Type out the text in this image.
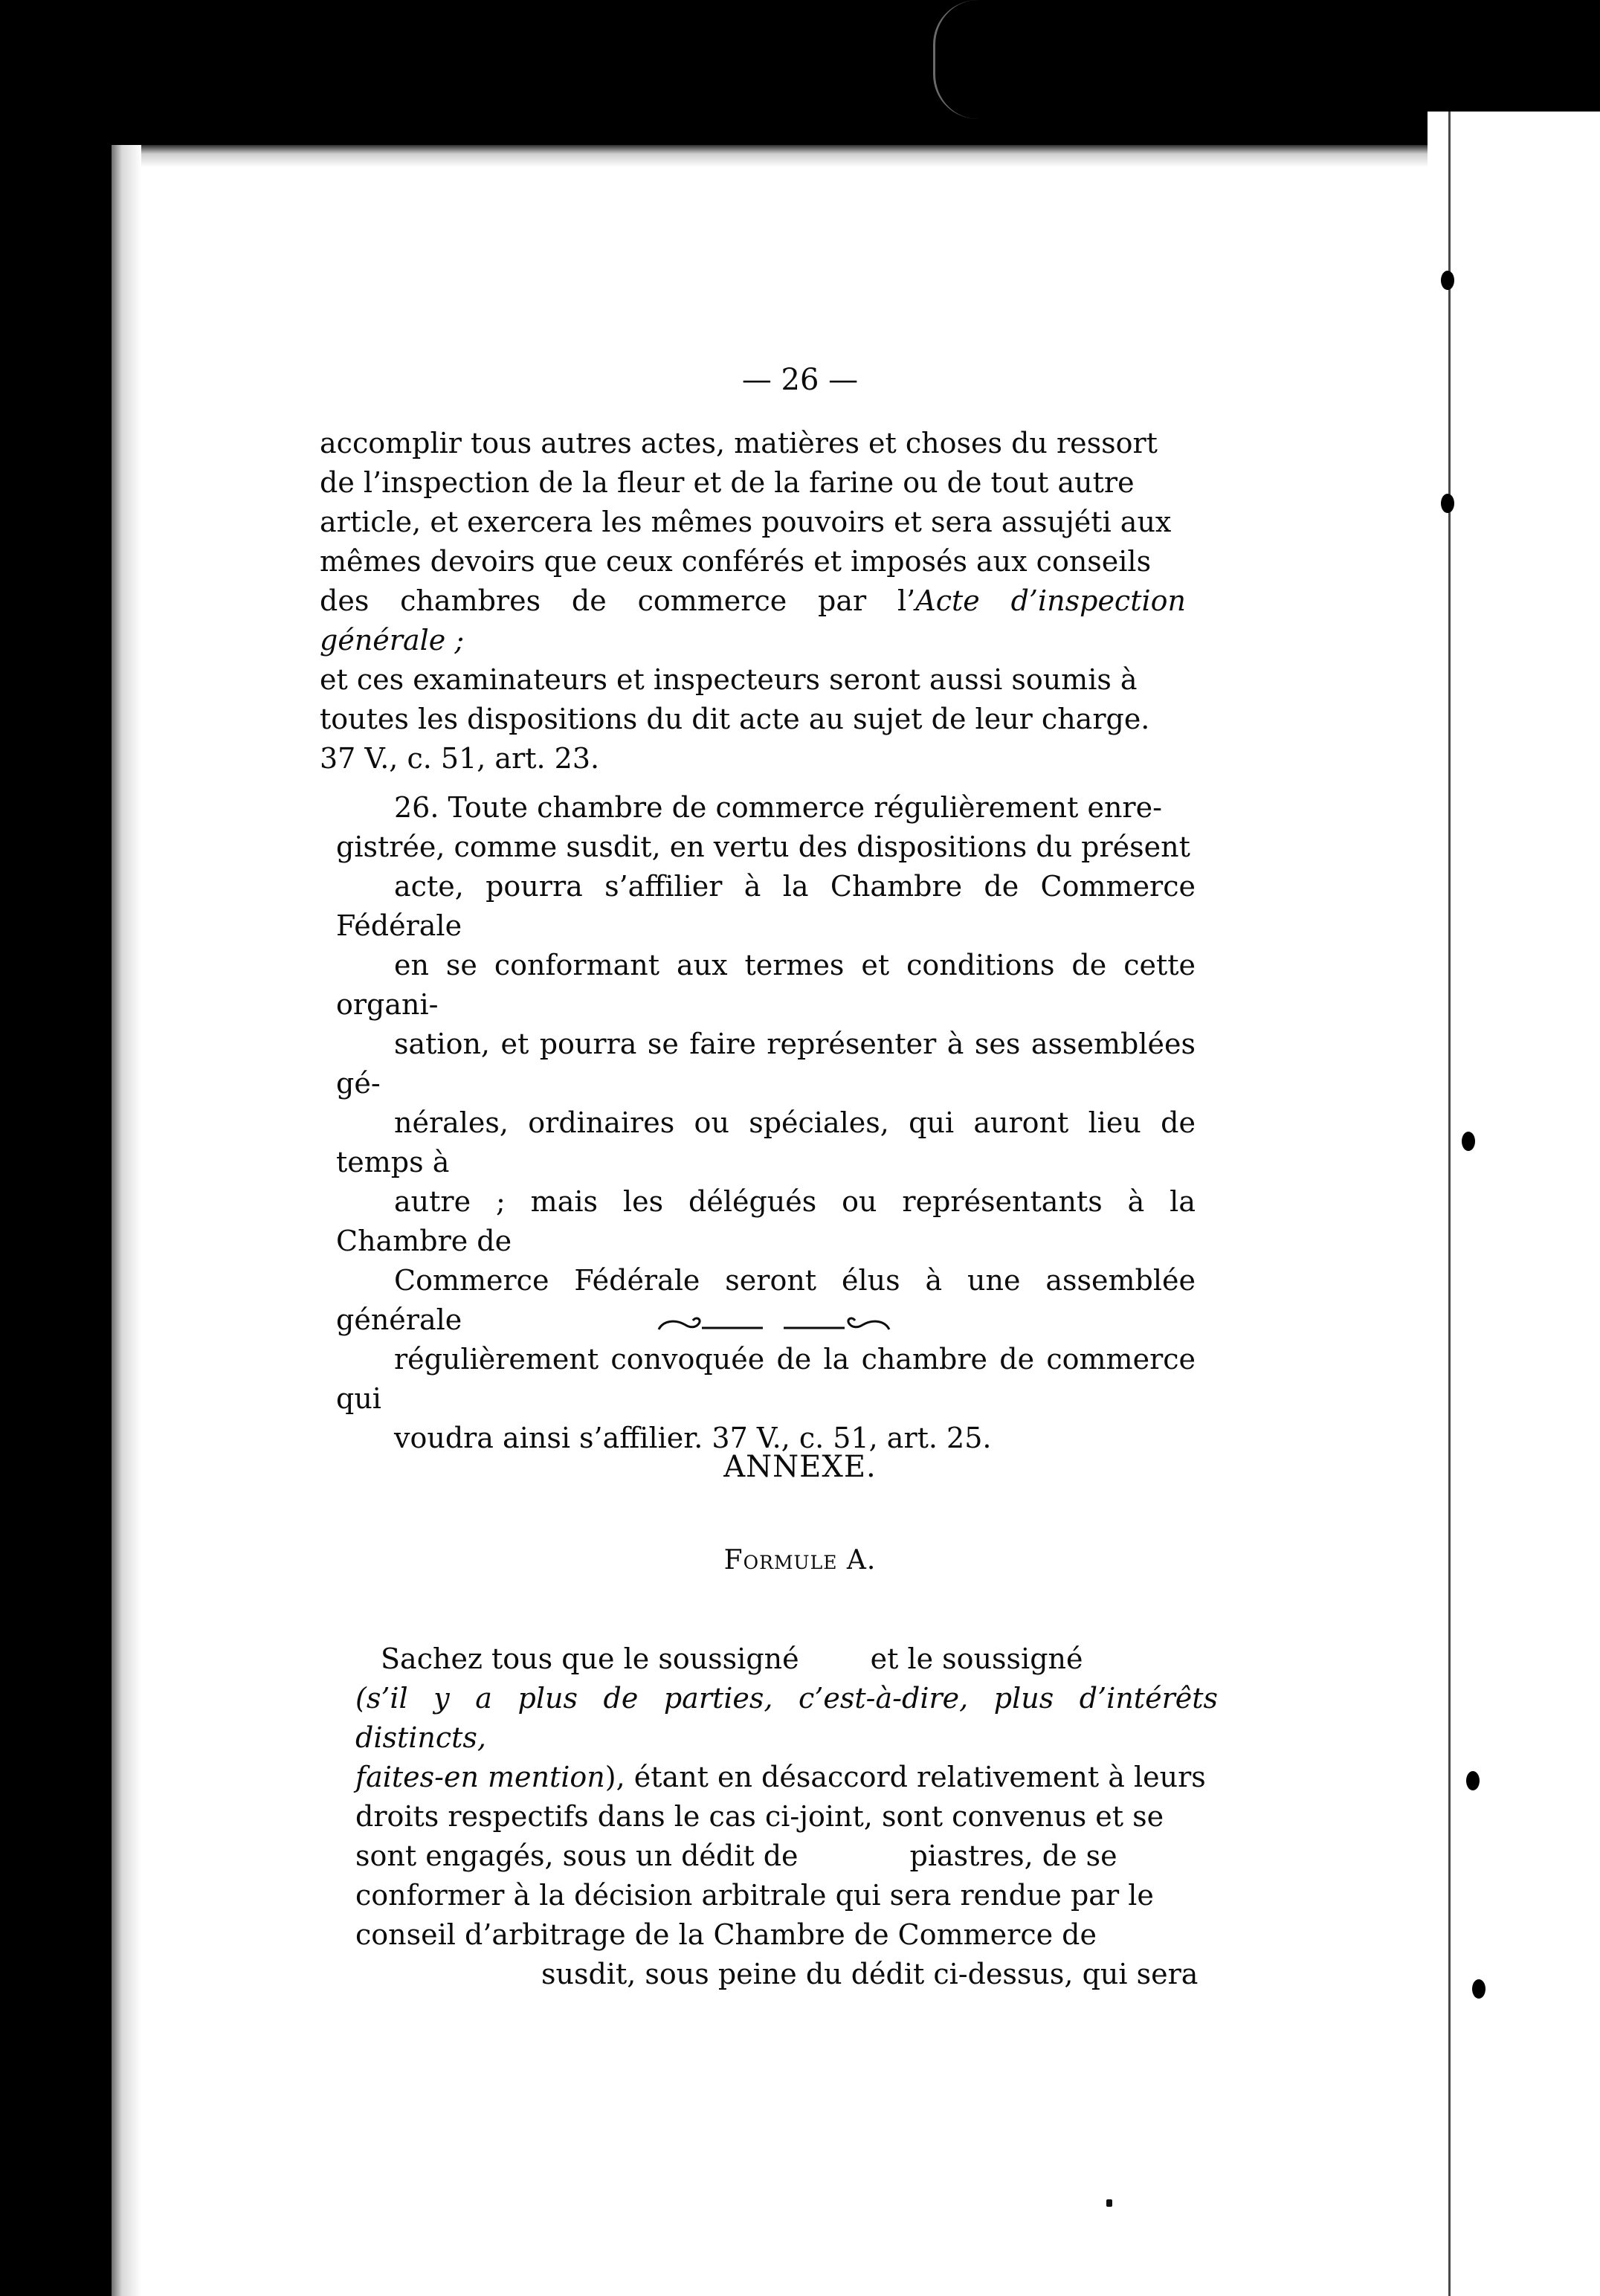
— 26 —
accomplir tous autres actes, matières et choses du ressort
de l’inspection de la fleur et de la farine ou de tout autre
article, et exercera les mêmes pouvoirs et sera assujéti aux
mêmes devoirs que ceux conférés et imposés aux conseils
des chambres de commerce par l’Acte d’inspection générale ;
et ces examinateurs et inspecteurs seront aussi soumis à
toutes les dispositions du dit acte au sujet de leur charge.
37 V., c. 51, art. 23.
26. Toute chambre de commerce régulièrement enre-
gistrée, comme susdit, en vertu des dispositions du présent
acte, pourra s’affilier à la Chambre de Commerce Fédérale
en se conformant aux termes et conditions de cette organi-
sation, et pourra se faire représenter à ses assemblées gé-
nérales, ordinaires ou spéciales, qui auront lieu de temps à
autre ; mais les délégués ou représentants à la Chambre de
Commerce Fédérale seront élus à une assemblée générale
régulièrement convoquée de la chambre de commerce qui
voudra ainsi s’affilier. 37 V., c. 51, art. 25.
ANNEXE.
Formule A.
Sachez tous que le soussigné	et le soussigné
(s’il y a plus de parties, c’est-à-dire, plus d’intérêts distincts,
faites-en mention), étant en désaccord relativement à leurs
droits respectifs dans le cas ci-joint, sont convenus et se
sont engagés, sous un dédit de	piastres, de se
conformer à la décision arbitrale qui sera rendue par le
conseil d’arbitrage de la Chambre de Commerce de
susdit, sous peine du dédit ci-dessus, qui sera
